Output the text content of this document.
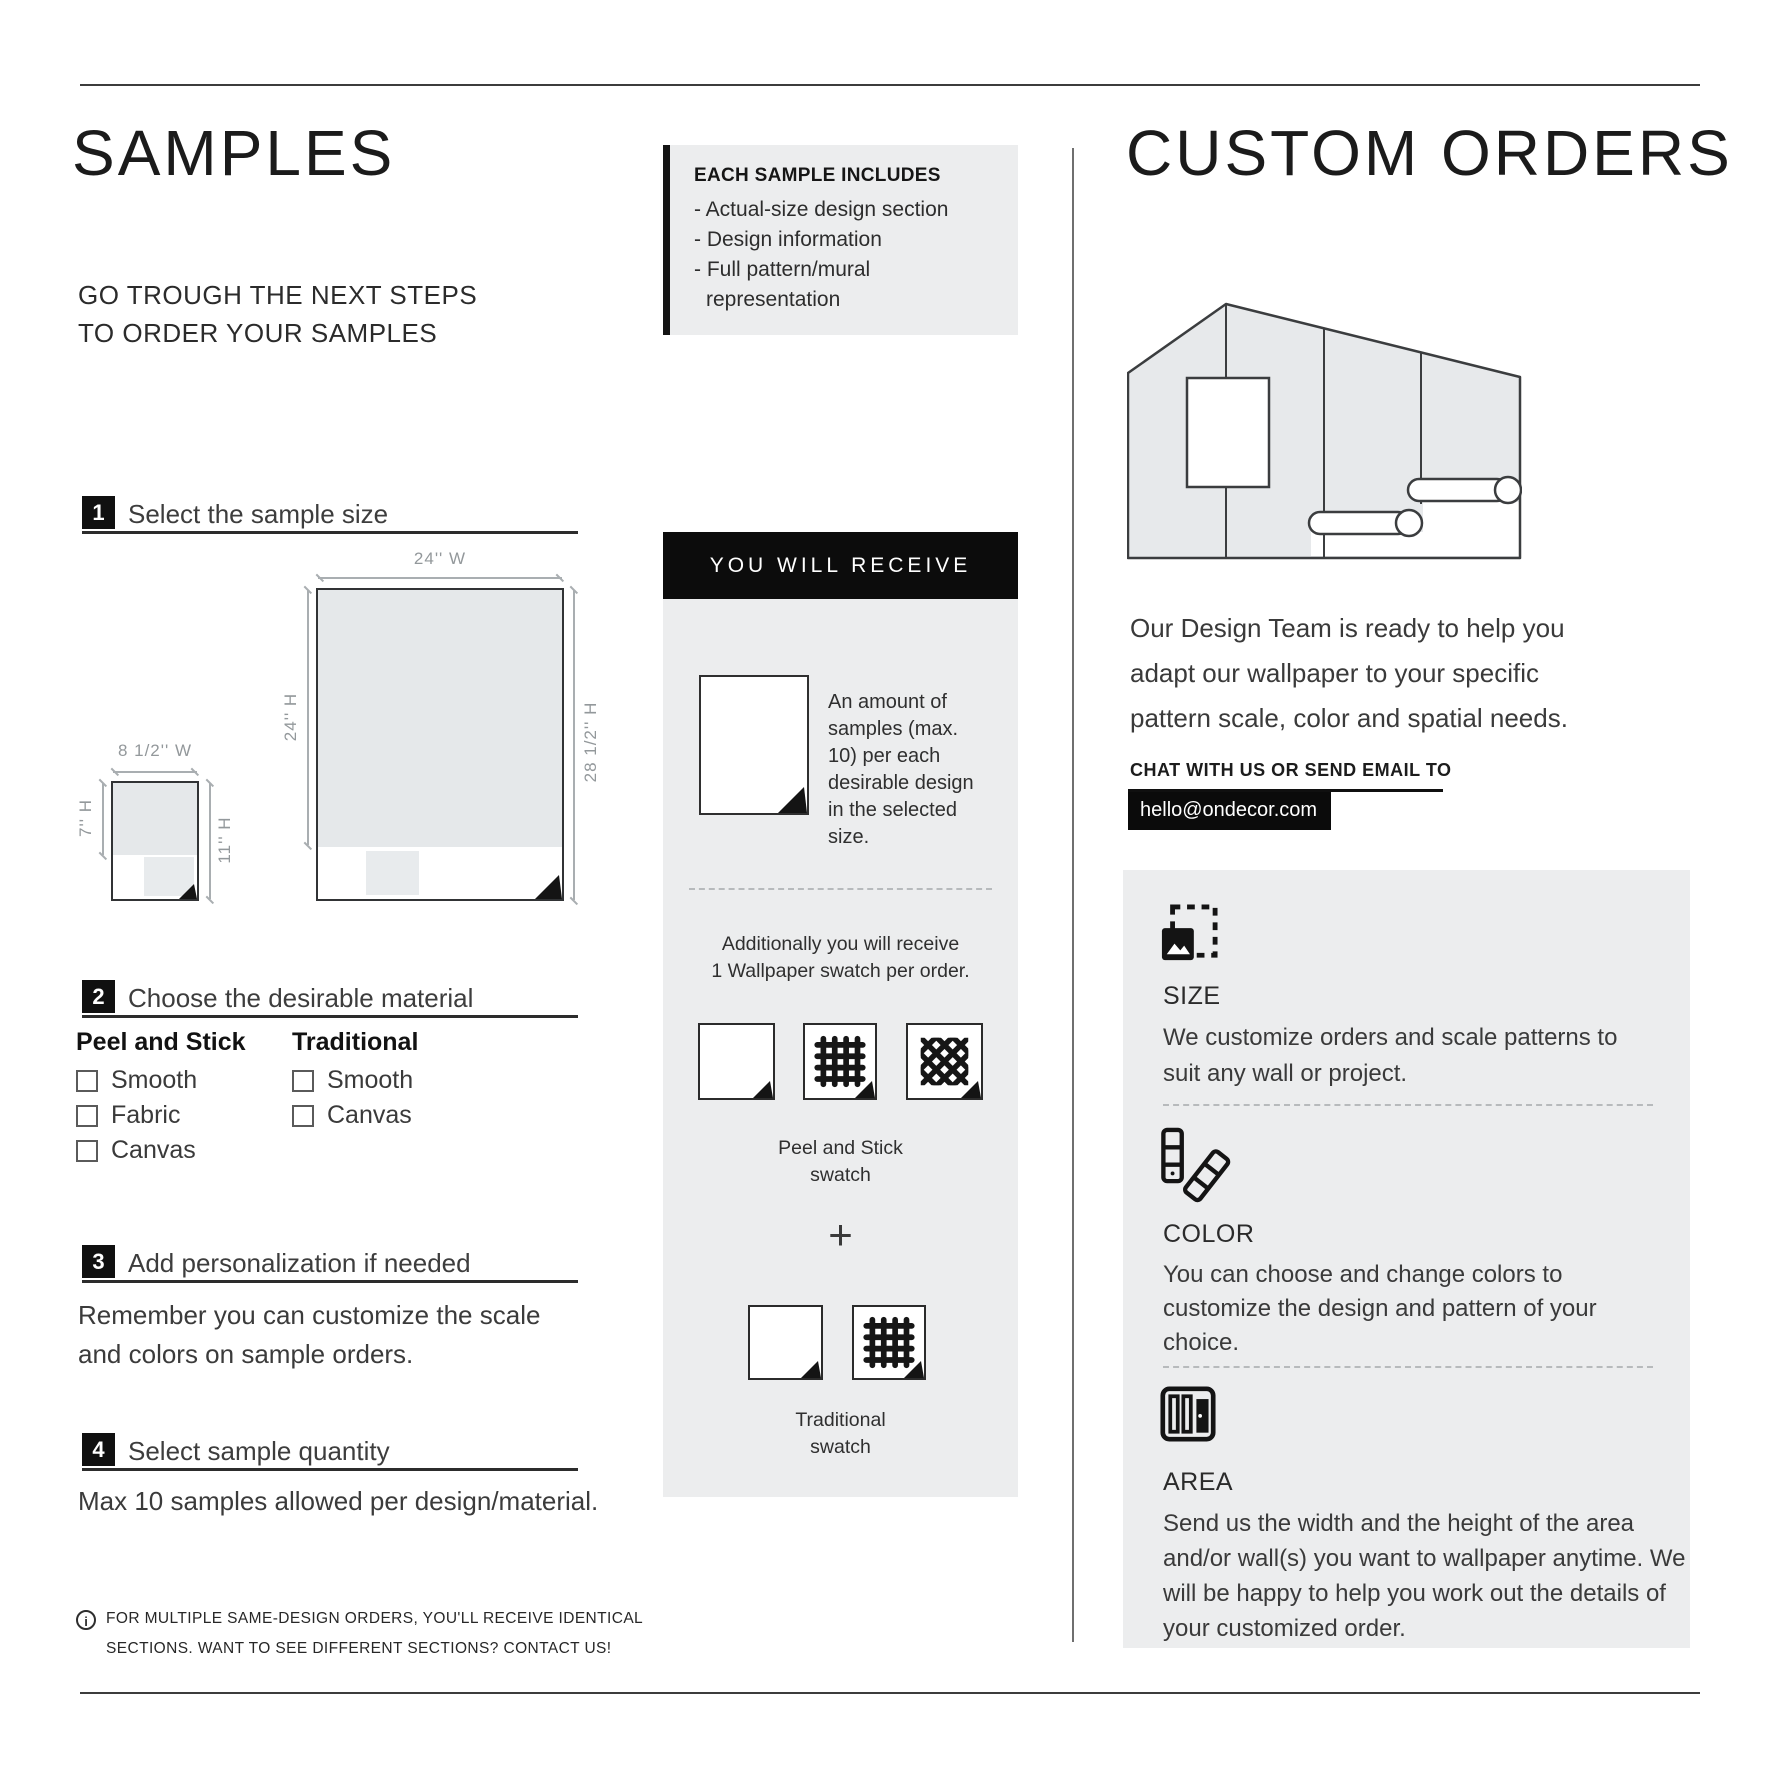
SAMPLES
GO TROUGH THE NEXT STEPS
TO ORDER YOUR SAMPLES
EACH SAMPLE INCLUDES
- Actual-size design section
- Design information
- Full pattern/mural representation
1 Select the sample size
24'' W
24'' H	28 1/2'' H
8 1/2'' W
7'' H	11'' H
2 Choose the desirable material
Peel and Stick Traditional
Smooth
Fabric
Canvas
Smooth
Canvas
3 Add personalization if needed
Remember you can customize the scale and colors on sample orders.
4 Select sample quantity
Max 10 samples allowed per design/material.
i	FOR MULTIPLE SAME-DESIGN ORDERS, YOU'LL RECEIVE IDENTICAL
SECTIONS. WANT TO SEE DIFFERENT SECTIONS? CONTACT US!
YOU WILL RECEIVE
An amount of samples (max. 10) per each desirable design in the selected size.
Additionally you will receive
1 Wallpaper swatch per order.
Peel and Stick
swatch
+
Traditional
swatch
CUSTOM ORDERS
Our Design Team is ready to help you adapt our wallpaper to your specific pattern scale, color and spatial needs.
CHAT WITH US OR SEND EMAIL TO
hello@ondecor.com
SIZE
We customize orders and scale patterns to suit any wall or project.
COLOR
You can choose and change colors to customize the design and pattern of your choice.
AREA
Send us the width and the height of the area and/or wall(s) you want to wallpaper anytime. We will be happy to help you work out the details of your customized order.
